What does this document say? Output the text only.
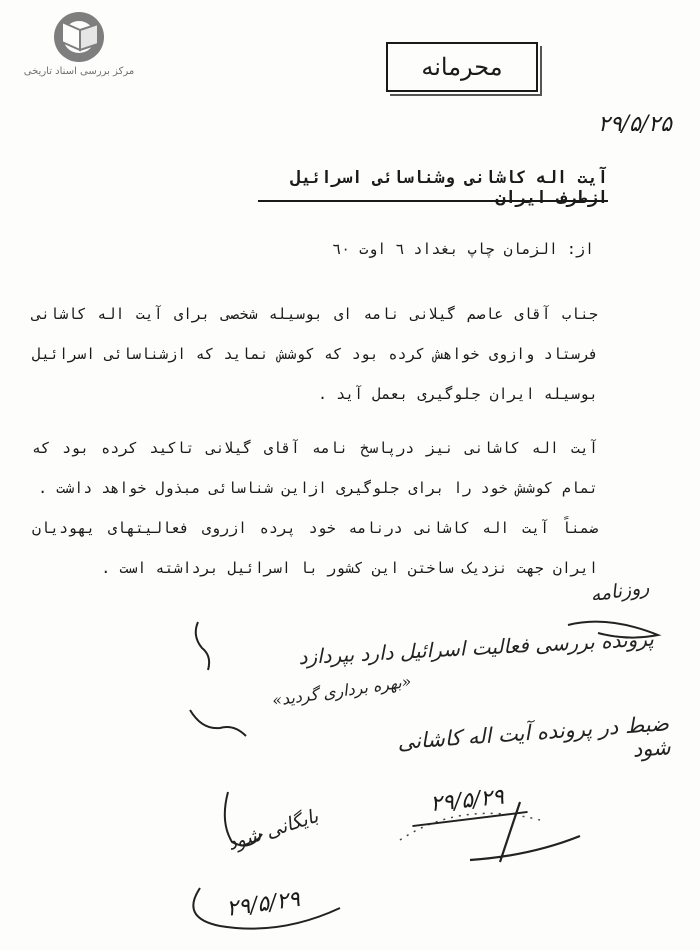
مرکز بررسی اسناد تاریخی	محرمانه
۲۹/۵/۲۵
آیت اله کاشانی وشناسائی اسرائیل ازطرف ایران
از: الزمان چاپ بغداد ٦ اوت ٦٠
جناب آقای عاصم گیلانی نامه ای بوسیله شخصی برای آیت اله کاشانی فرستاد وازوی خواهش کرده بود که کوشش نماید که ازشناسائی اسرائیل بوسیله ایران جلوگیری بعمل آید .
آیت اله کاشانی نیز درپاسخ نامه آقای گیلانی تاکید کرده بود که تمام کوشش خود را برای جلوگیری ازاین شناسائی مبذول خواهد داشت .
ضمناً آیت اله کاشانی درنامه خود پرده ازروی فعالیتهای یهودیان ایران جهت نزدیک ساختن این کشور با اسرائیل برداشته است .
روزنامه
پرونده بررسی فعالیت اسرائیل دارد بپردازد
«بهره برداری گردید»
ضبط در پرونده آیت اله کاشانی شود
۲۹/۵/۲۹
بایگانی شود
۲۹/۵/۲۹
